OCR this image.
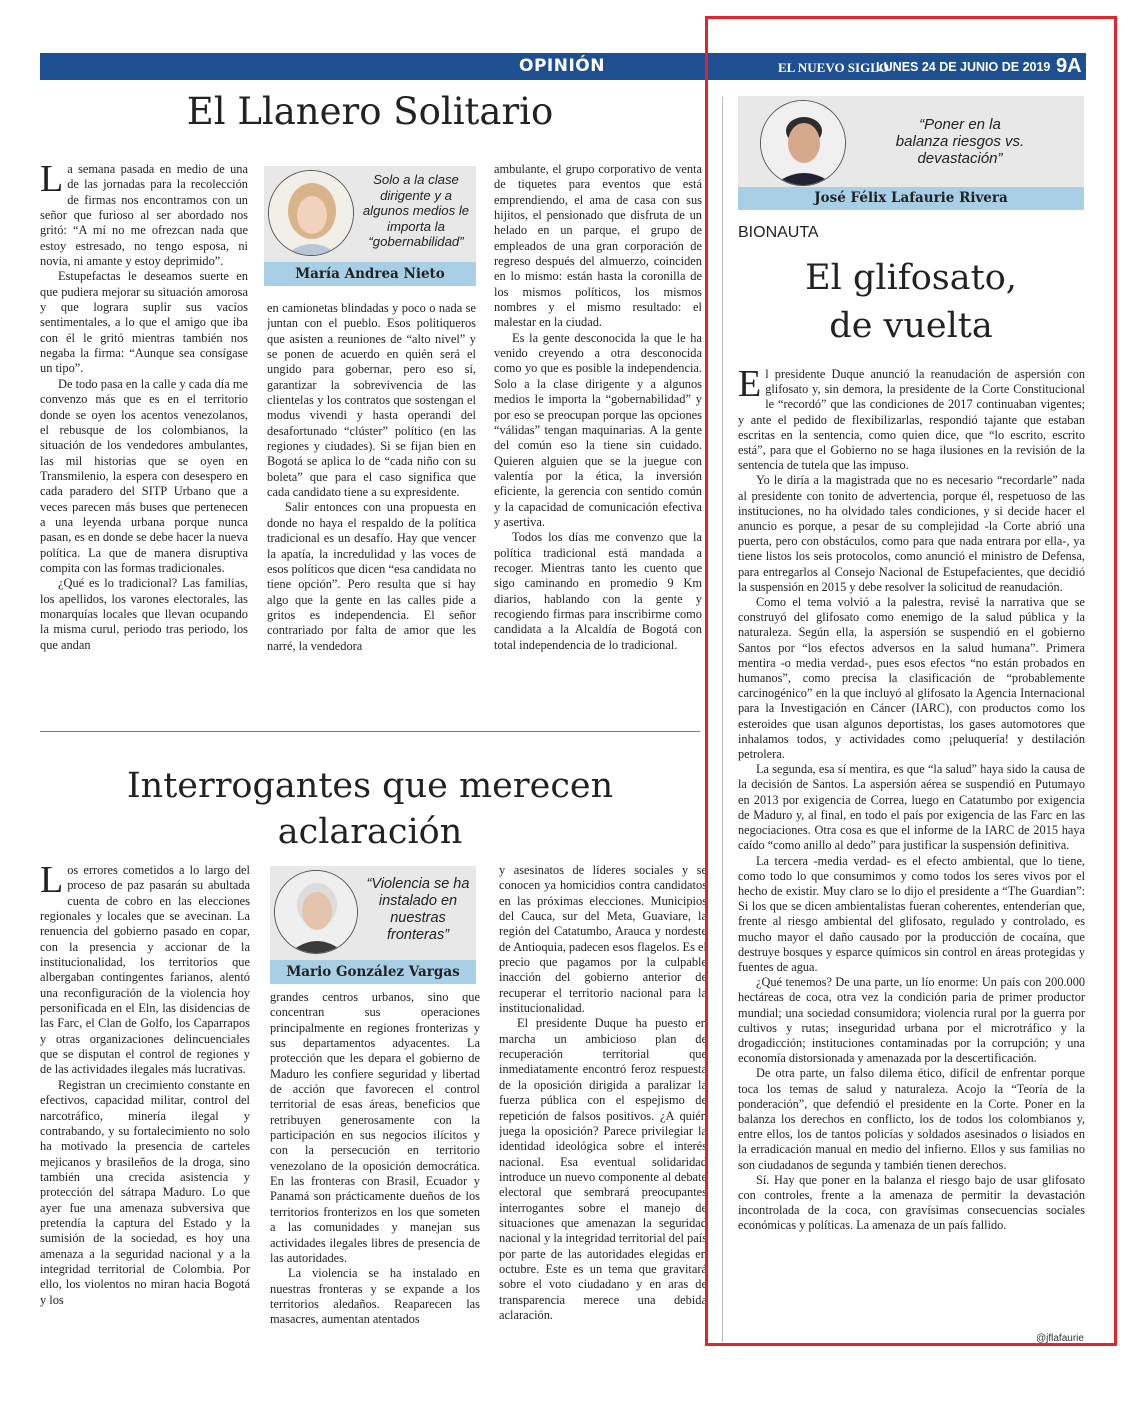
OPINIÓN	EL NUEVO SIGLO
LUNES 24 DE JUNIO DE 2019 9A
El Llanero Solitario

La semana pasada en medio de una de las jornadas para la recolección de firmas nos encontramos con un señor que furioso al ser abordado nos gritó: “A mí no me ofrezcan nada que estoy estresado, no tengo esposa, ni novia, ni amante y estoy deprimido”.

Estupefactas le deseamos suerte en que pudiera mejorar su situación amorosa y que lograra suplir sus vacíos sentimentales, a lo que el amigo que iba con él le gritó mientras también nos negaba la firma: “Aunque sea consígase un tipo”.

De todo pasa en la calle y cada día me convenzo más que es en el territorio donde se oyen los acentos venezolanos, el rebusque de los colombianos, la situación de los vendedores ambulantes, las mil historias que se oyen en Transmilenio, la espera con desespero en cada paradero del SITP Urbano que a veces parecen más buses que pertenecen a una leyenda urbana porque nunca pasan, es en donde se debe hacer la nueva política. La que de manera disruptiva compita con las formas tradicionales.

¿Qué es lo tradicional? Las familias, los apellidos, los varones electorales, las monarquías locales que llevan ocupando la misma curul, periodo tras periodo, los que andan

Solo a la clase dirigente y a algunos medios le importa la “gobernabilidad”
María Andrea Nieto

en camionetas blindadas y poco o nada se juntan con el pueblo. Esos politiqueros que asisten a reuniones de “alto nivel” y se ponen de acuerdo en quién será el ungido para gobernar, pero eso sí, garantizar la sobrevivencia de las clientelas y los contratos que sostengan el modus vivendi y hasta operandi del desafortunado “clúster” político (en las regiones y ciudades). Si se fijan bien en Bogotá se aplica lo de “cada niño con su boleta” que para el caso significa que cada candidato tiene a su expresidente.

Salir entonces con una propuesta en donde no haya el respaldo de la política tradicional es un desafío. Hay que vencer la apatía, la incredulidad y las voces de esos políticos que dicen “esa candidata no tiene opción”. Pero resulta que si hay algo que la gente en las calles pide a gritos es independencia. El señor contrariado por falta de amor que les narré, la vendedora

ambulante, el grupo corporativo de venta de tiquetes para eventos que está emprendiendo, el ama de casa con sus hijitos, el pensionado que disfruta de un helado en un parque, el grupo de empleados de una gran corporación de regreso después del almuerzo, coinciden en lo mismo: están hasta la coronilla de los mismos políticos, los mismos nombres y el mismo resultado: el malestar en la ciudad.

Es la gente desconocida la que le ha venido creyendo a otra desconocida como yo que es posible la independencia. Solo a la clase dirigente y a algunos medios le importa la “gobernabilidad” y por eso se preocupan porque las opciones “válidas” tengan maquinarias. A la gente del común eso la tiene sin cuidado. Quieren alguien que se la juegue con valentía por la ética, la inversión eficiente, la gerencia con sentido común y la capacidad de comunicación efectiva y asertiva.

Todos los días me convenzo que la política tradicional está mandada a recoger. Mientras tanto les cuento que sigo caminando en promedio 9 Km diarios, hablando con la gente y recogiendo firmas para inscribirme como candidata a la Alcaldía de Bogotá con total independencia de lo tradicional.

Interrogantes que merecen
aclaración

Los errores cometidos a lo largo del proceso de paz pasarán su abultada cuenta de cobro en las elecciones regionales y locales que se avecinan. La renuencia del gobierno pasado en copar, con la presencia y accionar de la institucionalidad, los territorios que albergaban contingentes farianos, alentó una reconfiguración de la violencia hoy personificada en el Eln, las disidencias de las Farc, el Clan de Golfo, los Caparrapos y otras organizaciones delincuenciales que se disputan el control de regiones y de las actividades ilegales más lucrativas.

Registran un crecimiento constante en efectivos, capacidad militar, control del narcotráfico, minería ilegal y contrabando, y su fortalecimiento no solo ha motivado la presencia de carteles mejicanos y brasileños de la droga, sino también una crecida asistencia y protección del sátrapa Maduro. Lo que ayer fue una amenaza subversiva que pretendía la captura del Estado y la sumisión de la sociedad, es hoy una amenaza a la seguridad nacional y a la integridad territorial de Colombia. Por ello, los violentos no miran hacia Bogotá y los

“Violencia se ha instalado en nuestras fronteras”
Mario González Vargas

grandes centros urbanos, sino que concentran sus operaciones principalmente en regiones fronterizas y sus departamentos adyacentes. La protección que les depara el gobierno de Maduro les confiere seguridad y libertad de acción que favorecen el control territorial de esas áreas, beneficios que retribuyen generosamente con la participación en sus negocios ilícitos y con la persecución en territorio venezolano de la oposición democrática. En las fronteras con Brasil, Ecuador y Panamá son prácticamente dueños de los territorios fronterizos en los que someten a las comunidades y manejan sus actividades ilegales libres de presencia de las autoridades.

La violencia se ha instalado en nuestras fronteras y se expande a los territorios aledaños. Reaparecen las masacres, aumentan atentados

y asesinatos de líderes sociales y se conocen ya homicidios contra candidatos en las próximas elecciones. Municipios del Cauca, sur del Meta, Guaviare, la región del Catatumbo, Arauca y nordeste de Antioquia, padecen esos flagelos. Es el precio que pagamos por la culpable inacción del gobierno anterior de recuperar el territorio nacional para la institucionalidad.

El presidente Duque ha puesto en marcha un ambicioso plan de recuperación territorial que inmediatamente encontró feroz respuesta de la oposición dirigida a paralizar la fuerza pública con el espejismo de repetición de falsos positivos. ¿A quién juega la oposición? Parece privilegiar la identidad ideológica sobre el interés nacional. Esa eventual solidaridad introduce un nuevo componente al debate electoral que sembrará preocupantes interrogantes sobre el manejo de situaciones que amenazan la seguridad nacional y la integridad territorial del país por parte de las autoridades elegidas en octubre. Este es un tema que gravitará sobre el voto ciudadano y en aras de transparencia merece una debida aclaración.

“Poner en la balanza riesgos vs. devastación”
José Félix Lafaurie Rivera
BIONAUTA
El glifosato,
de vuelta

El presidente Duque anunció la reanudación de aspersión con glifosato y, sin demora, la presidente de la Corte Constitucional le “recordó” que las condiciones de 2017 continuaban vigentes; y ante el pedido de flexibilizarlas, respondió tajante que estaban escritas en la sentencia, como quien dice, que “lo escrito, escrito está”, para que el Gobierno no se haga ilusiones en la revisión de la sentencia de tutela que las impuso.

Yo le diría a la magistrada que no es necesario “recordarle” nada al presidente con tonito de advertencia, porque él, respetuoso de las instituciones, no ha olvidado tales condiciones, y si decide hacer el anuncio es porque, a pesar de su complejidad -la Corte abrió una puerta, pero con obstáculos, como para que nada entrara por ella-, ya tiene listos los seis protocolos, como anunció el ministro de Defensa, para entregarlos al Consejo Nacional de Estupefacientes, que decidió la suspensión en 2015 y debe resolver la solicitud de reanudación.

Como el tema volvió a la palestra, revisé la narrativa que se construyó del glifosato como enemigo de la salud pública y la naturaleza. Según ella, la aspersión se suspendió en el gobierno Santos por “los efectos adversos en la salud humana”. Primera mentira -o media verdad-, pues esos efectos “no están probados en humanos”, como precisa la clasificación de “probablemente carcinogénico” en la que incluyó al glifosato la Agencia Internacional para la Investigación en Cáncer (IARC), con productos como los esteroides que usan algunos deportistas, los gases automotores que inhalamos todos, y actividades como ¡peluquería! y destilación petrolera.

La segunda, esa sí mentira, es que “la salud” haya sido la causa de la decisión de Santos. La aspersión aérea se suspendió en Putumayo en 2013 por exigencia de Correa, luego en Catatumbo por exigencia de Maduro y, al final, en todo el país por exigencia de las Farc en las negociaciones. Otra cosa es que el informe de la IARC de 2015 haya caído “como anillo al dedo” para justificar la suspensión definitiva.

La tercera -media verdad- es el efecto ambiental, que lo tiene, como todo lo que consumimos y como todos los seres vivos por el hecho de existir. Muy claro se lo dijo el presidente a “The Guardian”: Si los que se dicen ambientalistas fueran coherentes, entenderían que, frente al riesgo ambiental del glifosato, regulado y controlado, es mucho mayor el daño causado por la producción de cocaína, que destruye bosques y esparce químicos sin control en áreas protegidas y fuentes de agua.

¿Qué tenemos? De una parte, un lío enorme: Un país con 200.000 hectáreas de coca, otra vez la condición paria de primer productor mundial; una sociedad consumidora; violencia rural por la guerra por cultivos y rutas; inseguridad urbana por el microtráfico y la drogadicción; instituciones contaminadas por la corrupción; y una economía distorsionada y amenazada por la descertificación.

De otra parte, un falso dilema ético, difícil de enfrentar porque toca los temas de salud y naturaleza. Acojo la “Teoría de la ponderación”, que defendió el presidente en la Corte. Poner en la balanza los derechos en conflicto, los de todos los colombianos y, entre ellos, los de tantos policías y soldados asesinados o lisiados en la erradicación manual en medio del infierno. Ellos y sus familias no son ciudadanos de segunda y también tienen derechos.

Sí. Hay que poner en la balanza el riesgo bajo de usar glifosato con controles, frente a la amenaza de permitir la devastación incontrolada de la coca, con gravísimas consecuencias sociales económicas y políticas. La amenaza de un país fallido.

@jflafaurie
